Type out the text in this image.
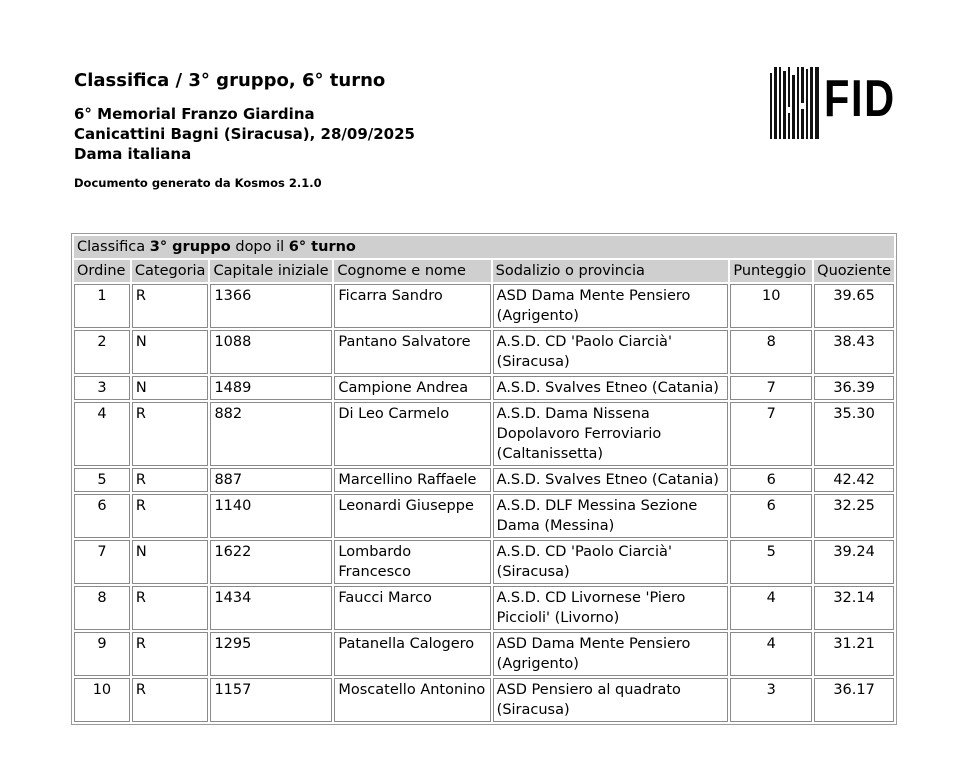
Classifica / 3° gruppo, 6° turno
6° Memorial Franzo Giardina
Canicattini Bagni (Siracusa), 28/09/2025
Dama italiana
Documento generato da Kosmos 2.1.0
FID
Classifica 3° gruppo dopo il 6° turno						
Ordine	Categoria	Capitale iniziale	Cognome e nome	Sodalizio o provincia	Punteggio	Quoziente
1	R	1366	Ficarra Sandro	ASD Dama Mente Pensiero (Agrigento)	10	39.65
2	N	1088	Pantano Salvatore	A.S.D. CD 'Paolo Ciarcià' (Siracusa)	8	38.43
3	N	1489	Campione Andrea	A.S.D. Svalves Etneo (Catania)	7	36.39
4	R	882	Di Leo Carmelo	A.S.D. Dama Nissena Dopolavoro Ferroviario (Caltanissetta)	7	35.30
5	R	887	Marcellino Raffaele	A.S.D. Svalves Etneo (Catania)	6	42.42
6	R	1140	Leonardi Giuseppe	A.S.D. DLF Messina Sezione Dama (Messina)	6	32.25
7	N	1622	Lombardo Francesco	A.S.D. CD 'Paolo Ciarcià' (Siracusa)	5	39.24
8	R	1434	Faucci Marco	A.S.D. CD Livornese 'Piero Piccioli' (Livorno)	4	32.14
9	R	1295	Patanella Calogero	ASD Dama Mente Pensiero (Agrigento)	4	31.21
10	R	1157	Moscatello Antonino	ASD Pensiero al quadrato (Siracusa)	3	36.17
